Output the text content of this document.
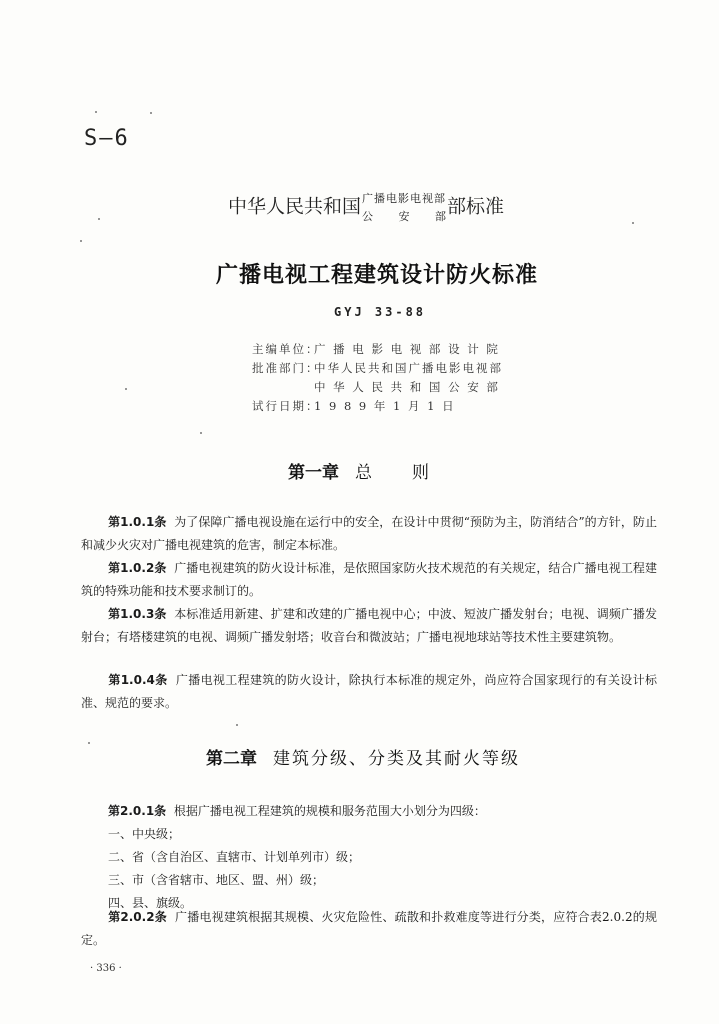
S—6
中华人民共和国 广播电影电视部
公 安 部 部标准
广播电视工程建筑设计防火标准
GYJ 33-88
主编单位：
广 播 电 影 电 视 部 设 计 院
批准部门：
中华人民共和国广播电影电视部
中 华 人 民 共 和 国 公 安 部
试行日期：
1 9 8 9 年 1 月 1 日
第一章 总　　则
第1.0.1条 为了保障广播电视设施在运行中的安全，在设计中贯彻“预防为主，防消结合”的方针，防止和减少火灾对广播电视建筑的危害，制定本标准。
第1.0.2条 广播电视建筑的防火设计标准，是依照国家防火技术规范的有关规定，结合广播电视工程建筑的特殊功能和技术要求制订的。
第1.0.3条 本标准适用新建、扩建和改建的广播电视中心；中波、短波广播发射台；电视、调频广播发射台；有塔楼建筑的电视、调频广播发射塔；收音台和微波站；广播电视地球站等技术性主要建筑物。
第1.0.4条 广播电视工程建筑的防火设计，除执行本标准的规定外，尚应符合国家现行的有关设计标准、规范的要求。
第二章 建筑分级、分类及其耐火等级
第2.0.1条 根据广播电视工程建筑的规模和服务范围大小划分为四级：
一、中央级；
二、省（含自治区、直辖市、计划单列市）级；
三、市（含省辖市、地区、盟、州）级；
四、县、旗级。
第2.0.2条 广播电视建筑根据其规模、火灾危险性、疏散和扑救难度等进行分类，应符合表2.0.2的规定。
· 336 ·
